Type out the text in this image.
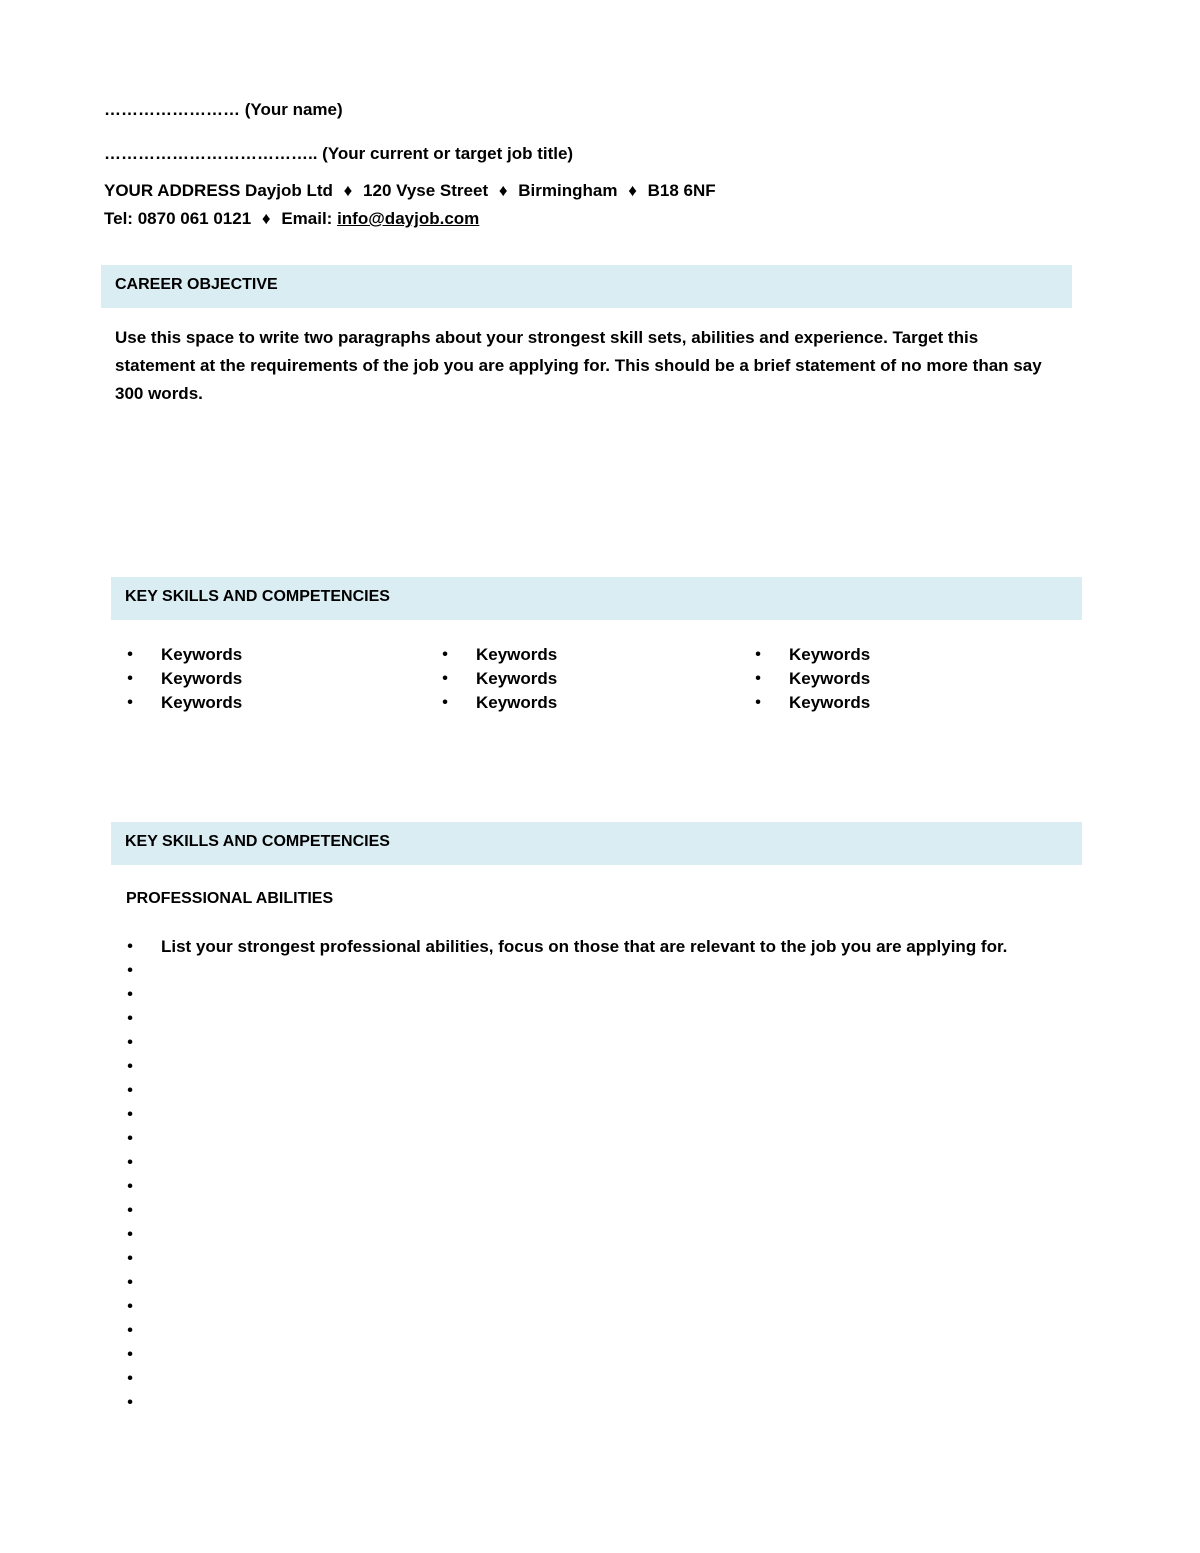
…………………… (Your name)
……………………………….. (Your current or target job title)
YOUR ADDRESS Dayjob Ltd ♦ 120 Vyse Street ♦ Birmingham ♦ B18 6NF
Tel: 0870 061 0121 ♦ Email: info@dayjob.com
CAREER OBJECTIVE
Use this space to write two paragraphs about your strongest skill sets, abilities and experience. Target this statement at the requirements of the job you are applying for. This should be a brief statement of no more than say 300 words.
KEY SKILLS AND COMPETENCIES
• Keywords
• Keywords
• Keywords
• Keywords
• Keywords
• Keywords
• Keywords
• Keywords
• Keywords
KEY SKILLS AND COMPETENCIES
PROFESSIONAL ABILITIES
• List your strongest professional abilities, focus on those that are relevant to the job you are applying for.
•
•
•
•
•
•
•
•
•
•
•
•
•
•
•
•
•
•
•
